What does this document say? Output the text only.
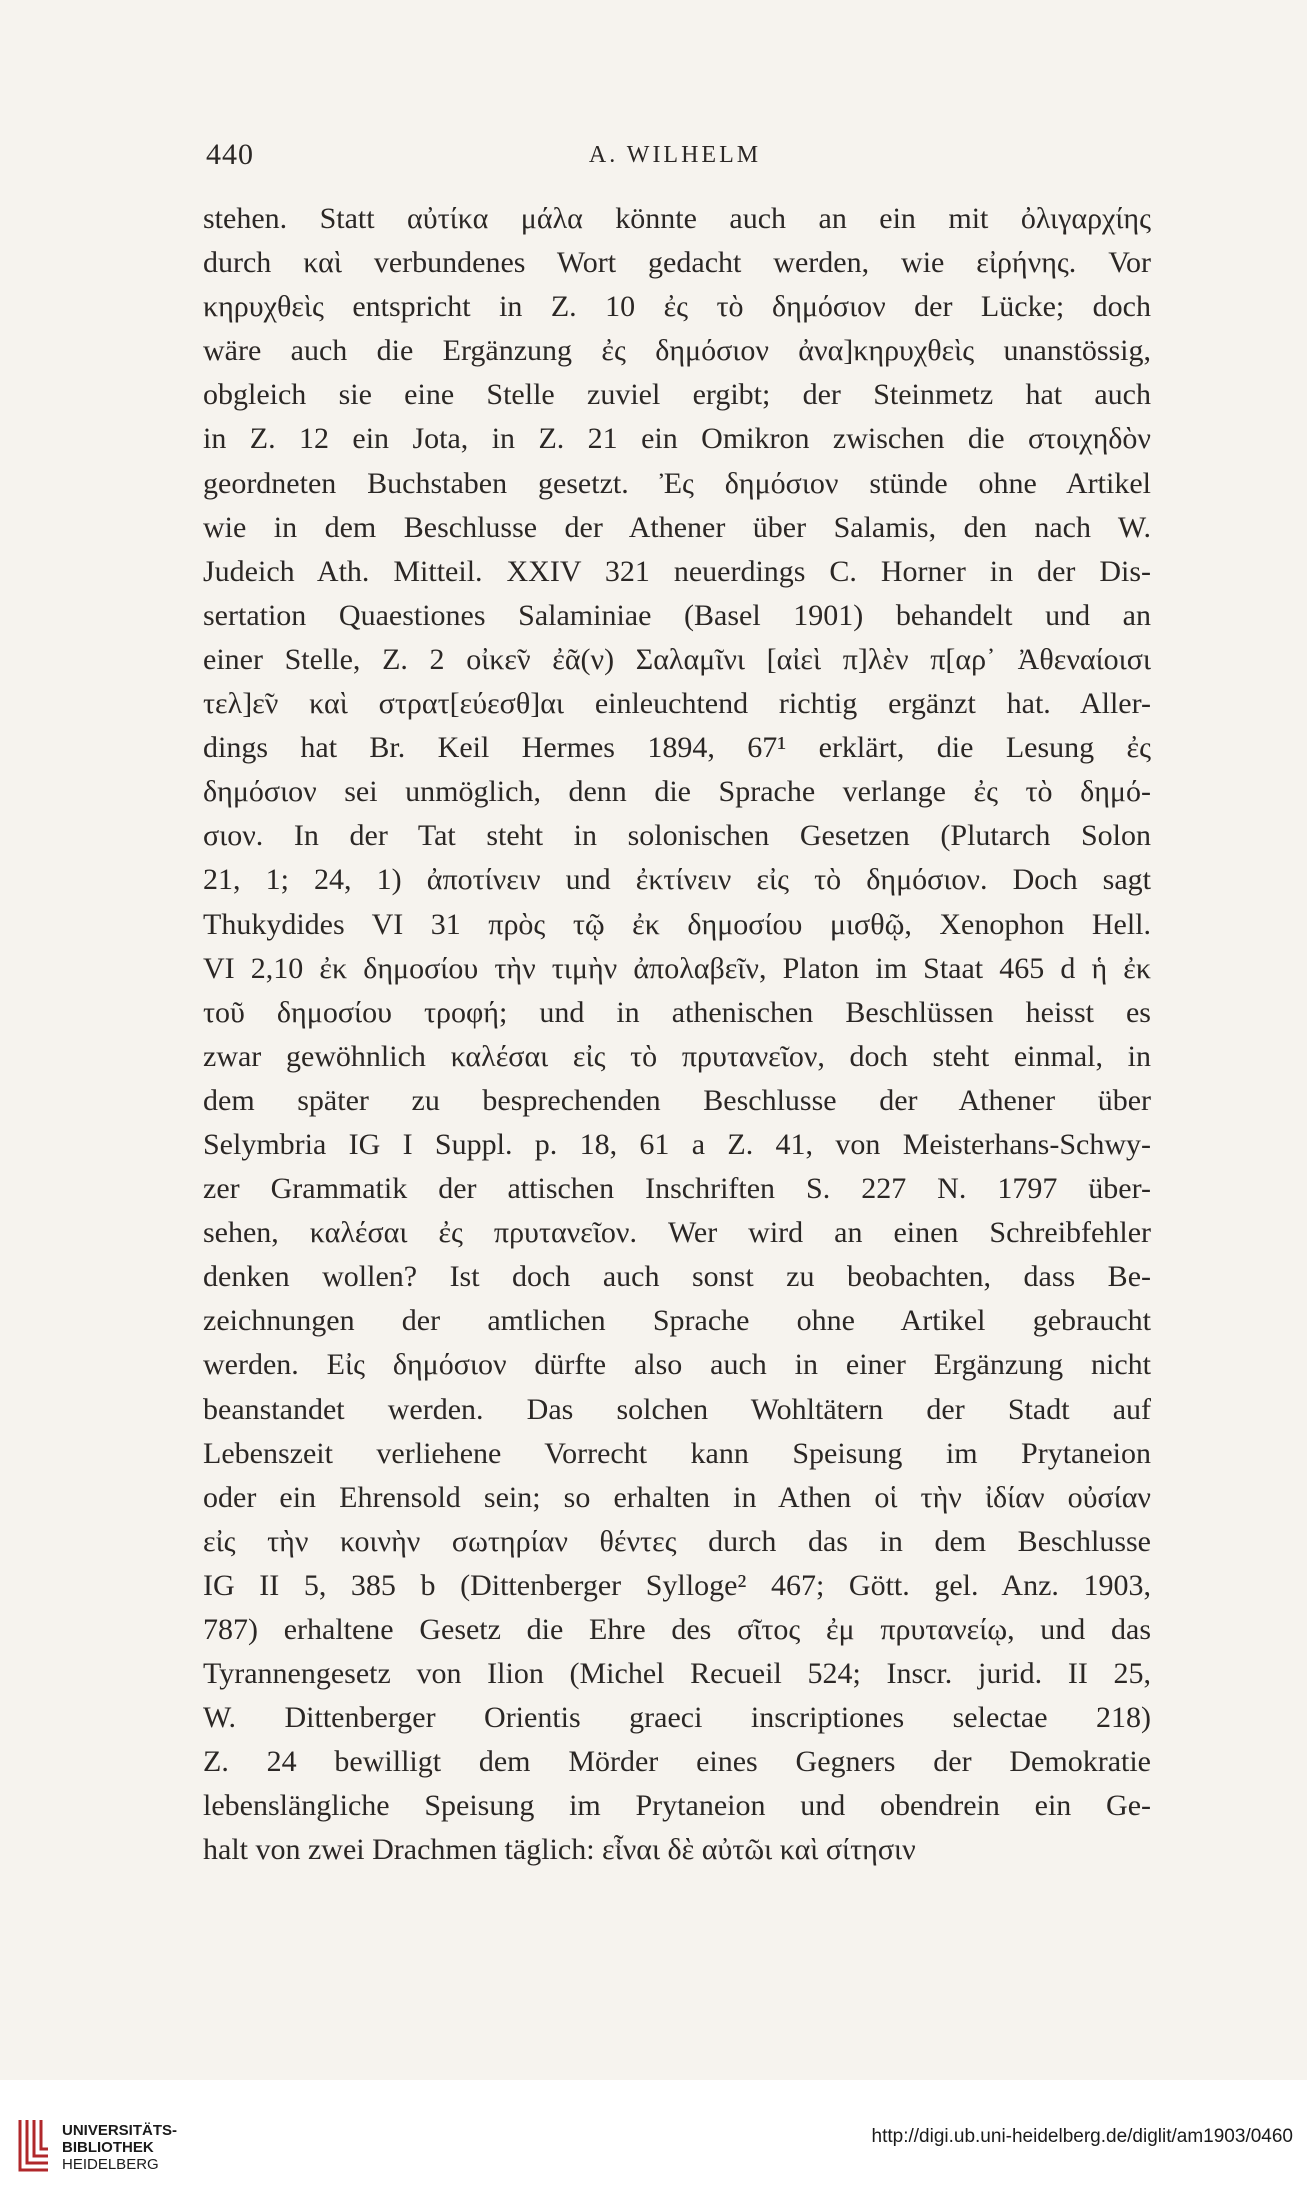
440	A. WILHELM
stehen. Statt αὐτίκα μάλα könnte auch an ein mit ὀλιγαρχίης
durch καὶ verbundenes Wort gedacht werden, wie εἰρήνης. Vor
κηρυχθεὶς entspricht in Z. 10 ἐς τὸ δημόσιον der Lücke; doch
wäre auch die Ergänzung ἐς δημόσιον ἀνα]κηρυχθεὶς unanstössig,
obgleich sie eine Stelle zuviel ergibt; der Steinmetz hat auch
in Z. 12 ein Jota, in Z. 21 ein Omikron zwischen die στοιχηδὸν
geordneten Buchstaben gesetzt. Ἐς δημόσιον stünde ohne Artikel
wie in dem Beschlusse der Athener über Salamis, den nach W.
Judeich Ath. Mitteil. XXIV 321 neuerdings C. Horner in der Dis-
sertation Quaestiones Salaminiae (Basel 1901) behandelt und an
einer Stelle, Z. 2 οἰκε̃ν ἐᾶ(ν) Σαλαμῖνι [αἰεὶ π]λὲν π[αρ᾽ Ἀθεναίοισι
τελ]ε̃ν καὶ στρατ[εύεσθ]αι einleuchtend richtig ergänzt hat. Aller-
dings hat Br. Keil Hermes 1894, 67¹ erklärt, die Lesung ἐς
δημόσιον sei unmöglich, denn die Sprache verlange ἐς τὸ δημό-
σιον. In der Tat steht in solonischen Gesetzen (Plutarch Solon
21, 1; 24, 1) ἀποτίνειν und ἐκτίνειν εἰς τὸ δημόσιον. Doch sagt
Thukydides VI 31 πρὸς τῷ ἐκ δημοσίου μισθῷ, Xenophon Hell.
VI 2,10 ἐκ δημοσίου τὴν τιμὴν ἀπολαβεῖν, Platon im Staat 465 d ἡ ἐκ
τοῦ δημοσίου τροφή; und in athenischen Beschlüssen heisst es
zwar gewöhnlich καλέσαι εἰς τὸ πρυτανεῖον, doch steht einmal, in
dem später zu besprechenden Beschlusse der Athener über
Selymbria IG I Suppl. p. 18, 61 a Z. 41, von Meisterhans-Schwy-
zer Grammatik der attischen Inschriften S. 227 N. 1797 über-
sehen, καλέσαι ἐς πρυτανεῖον. Wer wird an einen Schreibfehler
denken wollen? Ist doch auch sonst zu beobachten, dass Be-
zeichnungen der amtlichen Sprache ohne Artikel gebraucht
werden. Εἰς δημόσιον dürfte also auch in einer Ergänzung nicht
beanstandet werden. Das solchen Wohltätern der Stadt auf
Lebenszeit verliehene Vorrecht kann Speisung im Prytaneion
oder ein Ehrensold sein; so erhalten in Athen οἱ τὴν ἰδίαν οὐσίαν
εἰς τὴν κοινὴν σωτηρίαν θέντες durch das in dem Beschlusse
IG II 5, 385 b (Dittenberger Sylloge² 467; Gött. gel. Anz. 1903,
787) erhaltene Gesetz die Ehre des σῖτος ἐμ πρυτανείῳ, und das
Tyrannengesetz von Ilion (Michel Recueil 524; Inscr. jurid. II 25,
W. Dittenberger Orientis graeci inscriptiones selectae 218)
Z. 24 bewilligt dem Mörder eines Gegners der Demokratie
lebenslängliche Speisung im Prytaneion und obendrein ein Ge-
halt von zwei Drachmen täglich: εἶναι δὲ αὐτῶι καὶ σίτησιν
UNIVERSITÄTS-
BIBLIOTHEK
HEIDELBERG
http://digi.ub.uni-heidelberg.de/diglit/am1903/0460
